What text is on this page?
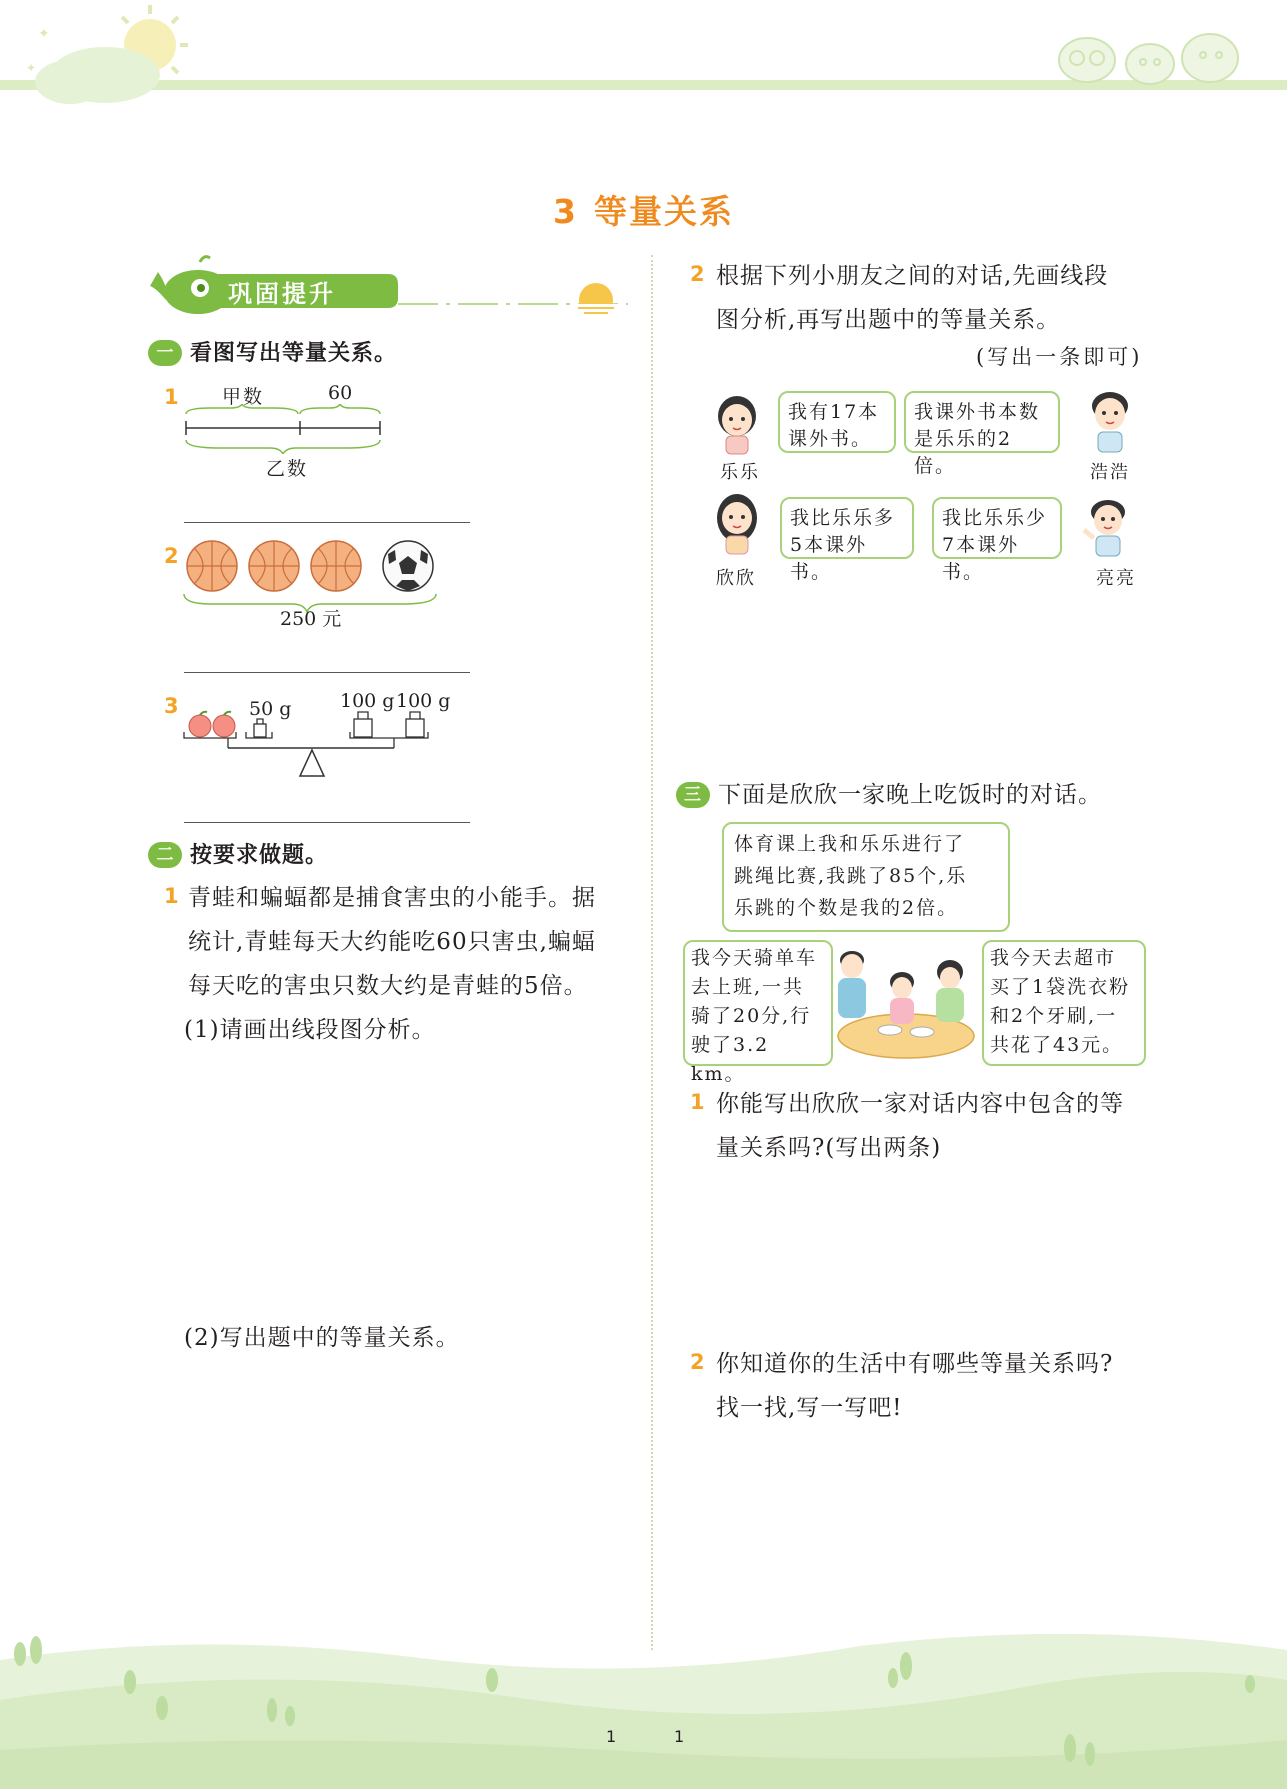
✦
✦
3 等量关系
巩固提升
一 看图写出等量关系。
1 甲数	60
乙数
2
250 元
3	50 g	100 g 100 g
二 按要求做题。
1 青蛙和蝙蝠都是捕食害虫的小能手。据
统计,青蛙每天大约能吃60只害虫,蝙蝠
每天吃的害虫只数大约是青蛙的5倍。
(1)请画出线段图分析。
(2)写出题中的等量关系。
2 根据下列小朋友之间的对话,先画线段
图分析,再写出题中的等量关系。
(写出一条即可)
乐乐
我有17本
课外书。
我课外书本数
是乐乐的2倍。	浩浩
欣欣
我比乐乐多
5本课外书。
我比乐乐少
7本课外书。	亮亮
三 下面是欣欣一家晚上吃饭时的对话。
体育课上我和乐乐进行了
跳绳比赛,我跳了85个,乐
乐跳的个数是我的2倍。
我今天骑单车
去上班,一共
骑了20分,行
驶了3.2 km。
我今天去超市
买了1袋洗衣粉
和2个牙刷,一
共花了43元。
1 你能写出欣欣一家对话内容中包含的等
量关系吗?(写出两条)
2 你知道你的生活中有哪些等量关系吗?
找一找,写一写吧!
1	1
